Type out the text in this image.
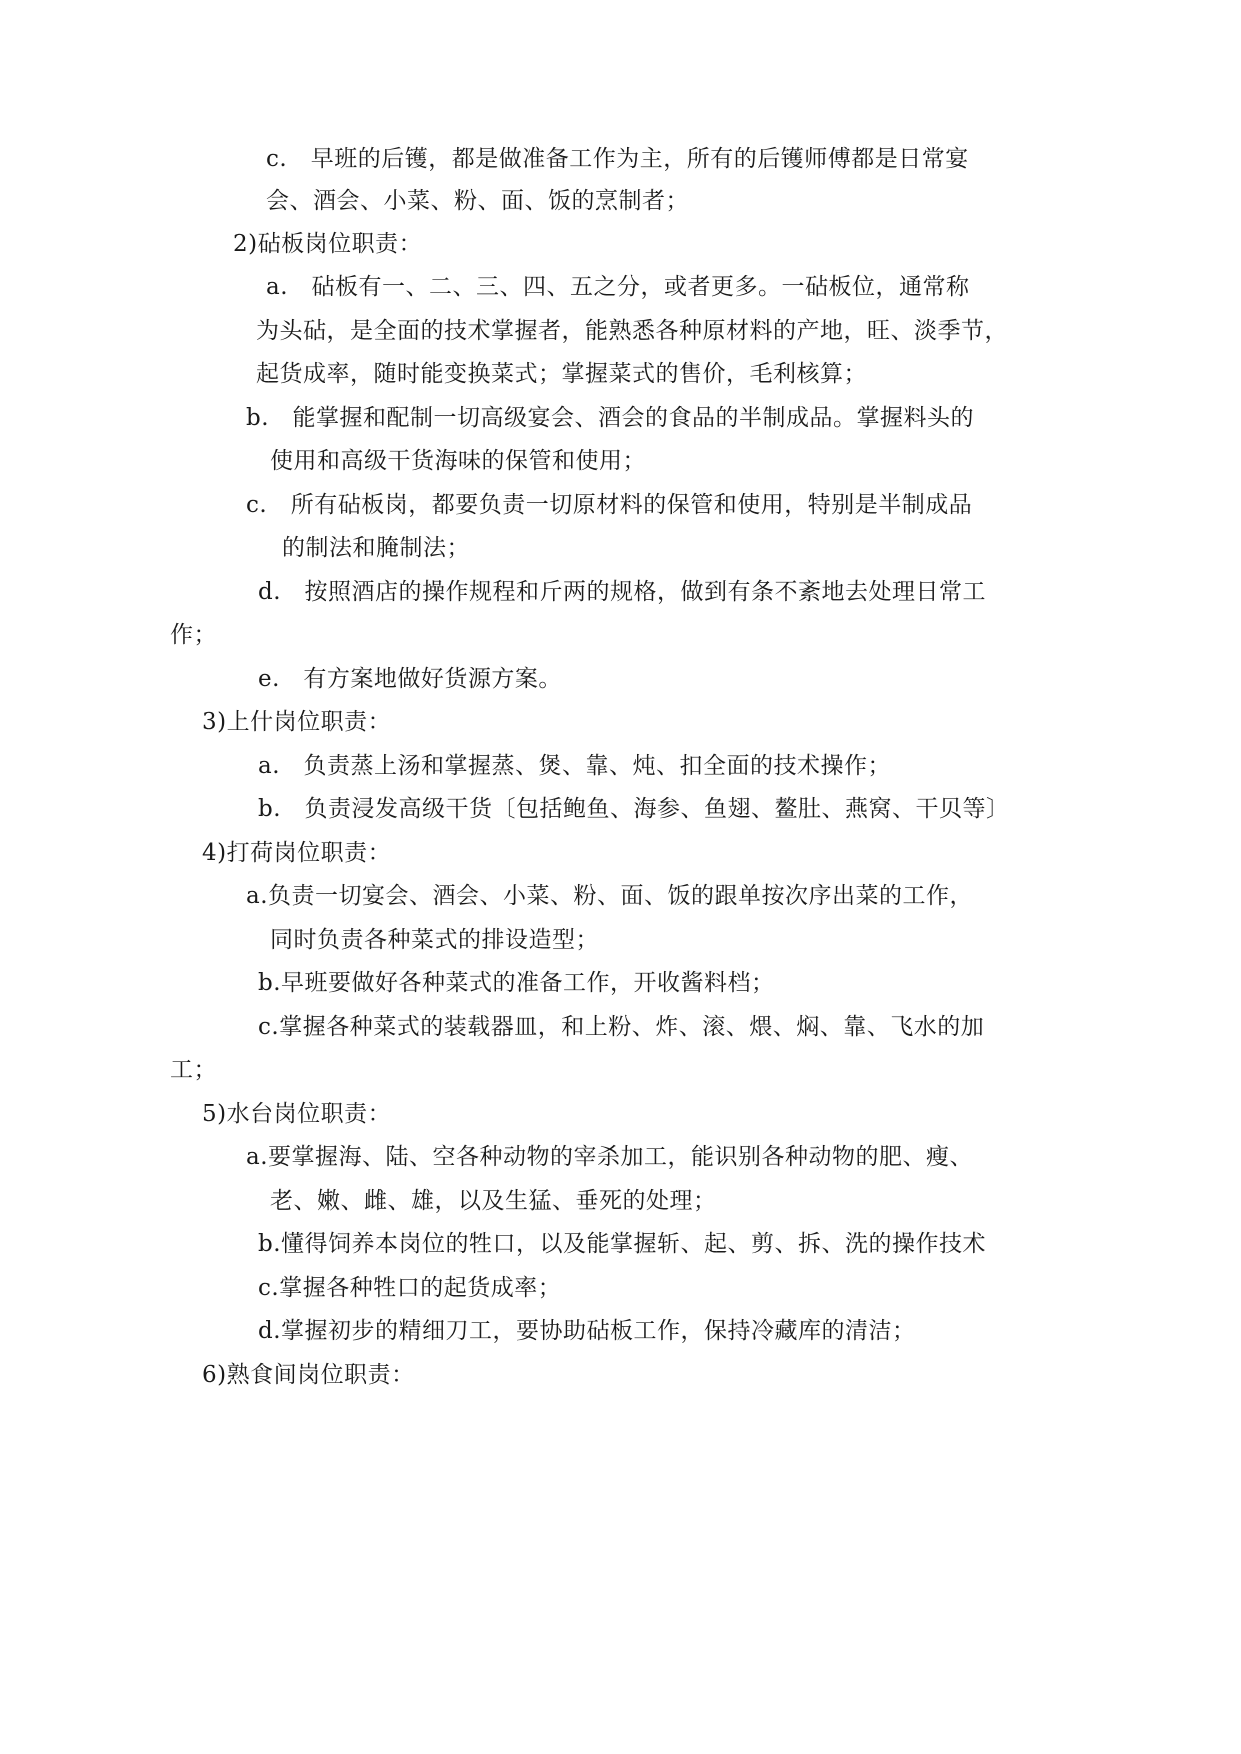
c.　早班的后镬，都是做准备工作为主，所有的后镬师傅都是日常宴
会、酒会、小菜、粉、面、饭的烹制者；
2)砧板岗位职责：
a.　砧板有一、二、三、四、五之分，或者更多。一砧板位，通常称
为头砧，是全面的技术掌握者，能熟悉各种原材料的产地，旺、淡季节，
起货成率，随时能变换菜式；掌握菜式的售价，毛利核算；
b.　能掌握和配制一切高级宴会、酒会的食品的半制成品。掌握料头的
使用和高级干货海味的保管和使用；
c.　所有砧板岗，都要负责一切原材料的保管和使用，特别是半制成品
的制法和腌制法；
d.　按照酒店的操作规程和斤两的规格，做到有条不紊地去处理日常工
作；
e.　有方案地做好货源方案。
3)上什岗位职责：
a.　负责蒸上汤和掌握蒸、煲、靠、炖、扣全面的技术操作；
b.　负责浸发高级干货〔包括鲍鱼、海参、鱼翅、鳌肚、燕窝、干贝等〕
4)打荷岗位职责：
a.负责一切宴会、酒会、小菜、粉、面、饭的跟单按次序出菜的工作，
同时负责各种菜式的排设造型；
b.早班要做好各种菜式的准备工作，开收酱料档；
c.掌握各种菜式的装载器皿，和上粉、炸、滚、煨、焖、靠、飞水的加
工；
5)水台岗位职责：
a.要掌握海、陆、空各种动物的宰杀加工，能识别各种动物的肥、瘦、
老、嫩、雌、雄，以及生猛、垂死的处理；
b.懂得饲养本岗位的牲口，以及能掌握斩、起、剪、拆、洗的操作技术
c.掌握各种牲口的起货成率；
d.掌握初步的精细刀工，要协助砧板工作，保持冷藏库的清洁；
6)熟食间岗位职责：
